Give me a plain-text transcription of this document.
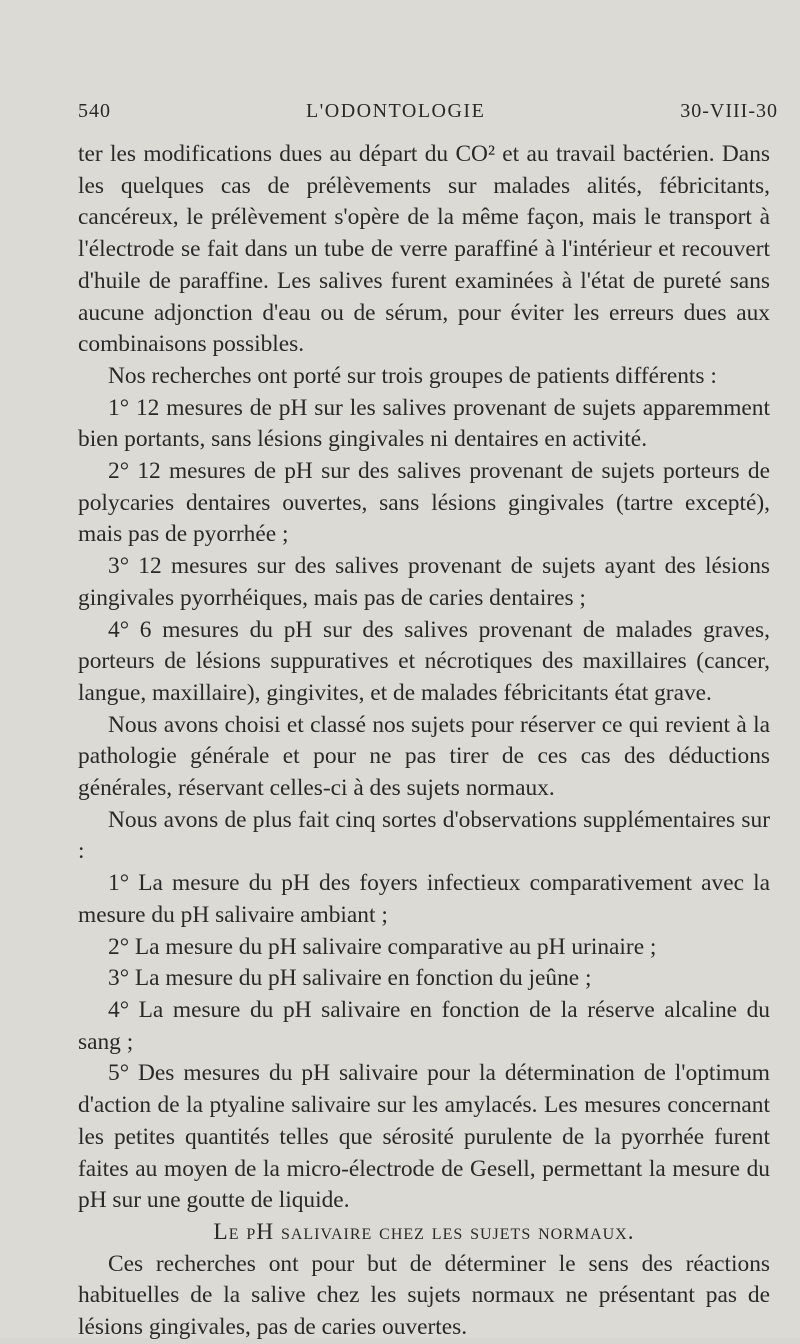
540	L'ODONTOLOGIE	30-VIII-30

ter les modifications dues au départ du CO² et au travail bactérien. Dans les quelques cas de prélèvements sur malades alités, fébricitants, cancéreux, le prélèvement s'opère de la même façon, mais le transport à l'électrode se fait dans un tube de verre paraffiné à l'intérieur et recouvert d'huile de paraffine. Les salives furent examinées à l'état de pureté sans aucune adjonction d'eau ou de sérum, pour éviter les erreurs dues aux combinaisons possibles.

Nos recherches ont porté sur trois groupes de patients différents :

1° 12 mesures de pH sur les salives provenant de sujets apparemment bien portants, sans lésions gingivales ni dentaires en activité.

2° 12 mesures de pH sur des salives provenant de sujets porteurs de polycaries dentaires ouvertes, sans lésions gingivales (tartre excepté), mais pas de pyorrhée ;

3° 12 mesures sur des salives provenant de sujets ayant des lésions gingivales pyorrhéiques, mais pas de caries dentaires ;

4° 6 mesures du pH sur des salives provenant de malades graves, porteurs de lésions suppuratives et nécrotiques des maxillaires (cancer, langue, maxillaire), gingivites, et de malades fébricitants état grave.

Nous avons choisi et classé nos sujets pour réserver ce qui revient à la pathologie générale et pour ne pas tirer de ces cas des déductions générales, réservant celles-ci à des sujets normaux.

Nous avons de plus fait cinq sortes d'observations supplémentaires sur :

1° La mesure du pH des foyers infectieux comparativement avec la mesure du pH salivaire ambiant ;

2° La mesure du pH salivaire comparative au pH urinaire ;

3° La mesure du pH salivaire en fonction du jeûne ;

4° La mesure du pH salivaire en fonction de la réserve alcaline du sang ;

5° Des mesures du pH salivaire pour la détermination de l'optimum d'action de la ptyaline salivaire sur les amylacés. Les mesures concernant les petites quantités telles que sérosité purulente de la pyorrhée furent faites au moyen de la micro-électrode de Gesell, permettant la mesure du pH sur une goutte de liquide.

Le pH salivaire chez les sujets normaux.

Ces recherches ont pour but de déterminer le sens des réactions habituelles de la salive chez les sujets normaux ne présentant pas de lésions gingivales, pas de caries ouvertes.
